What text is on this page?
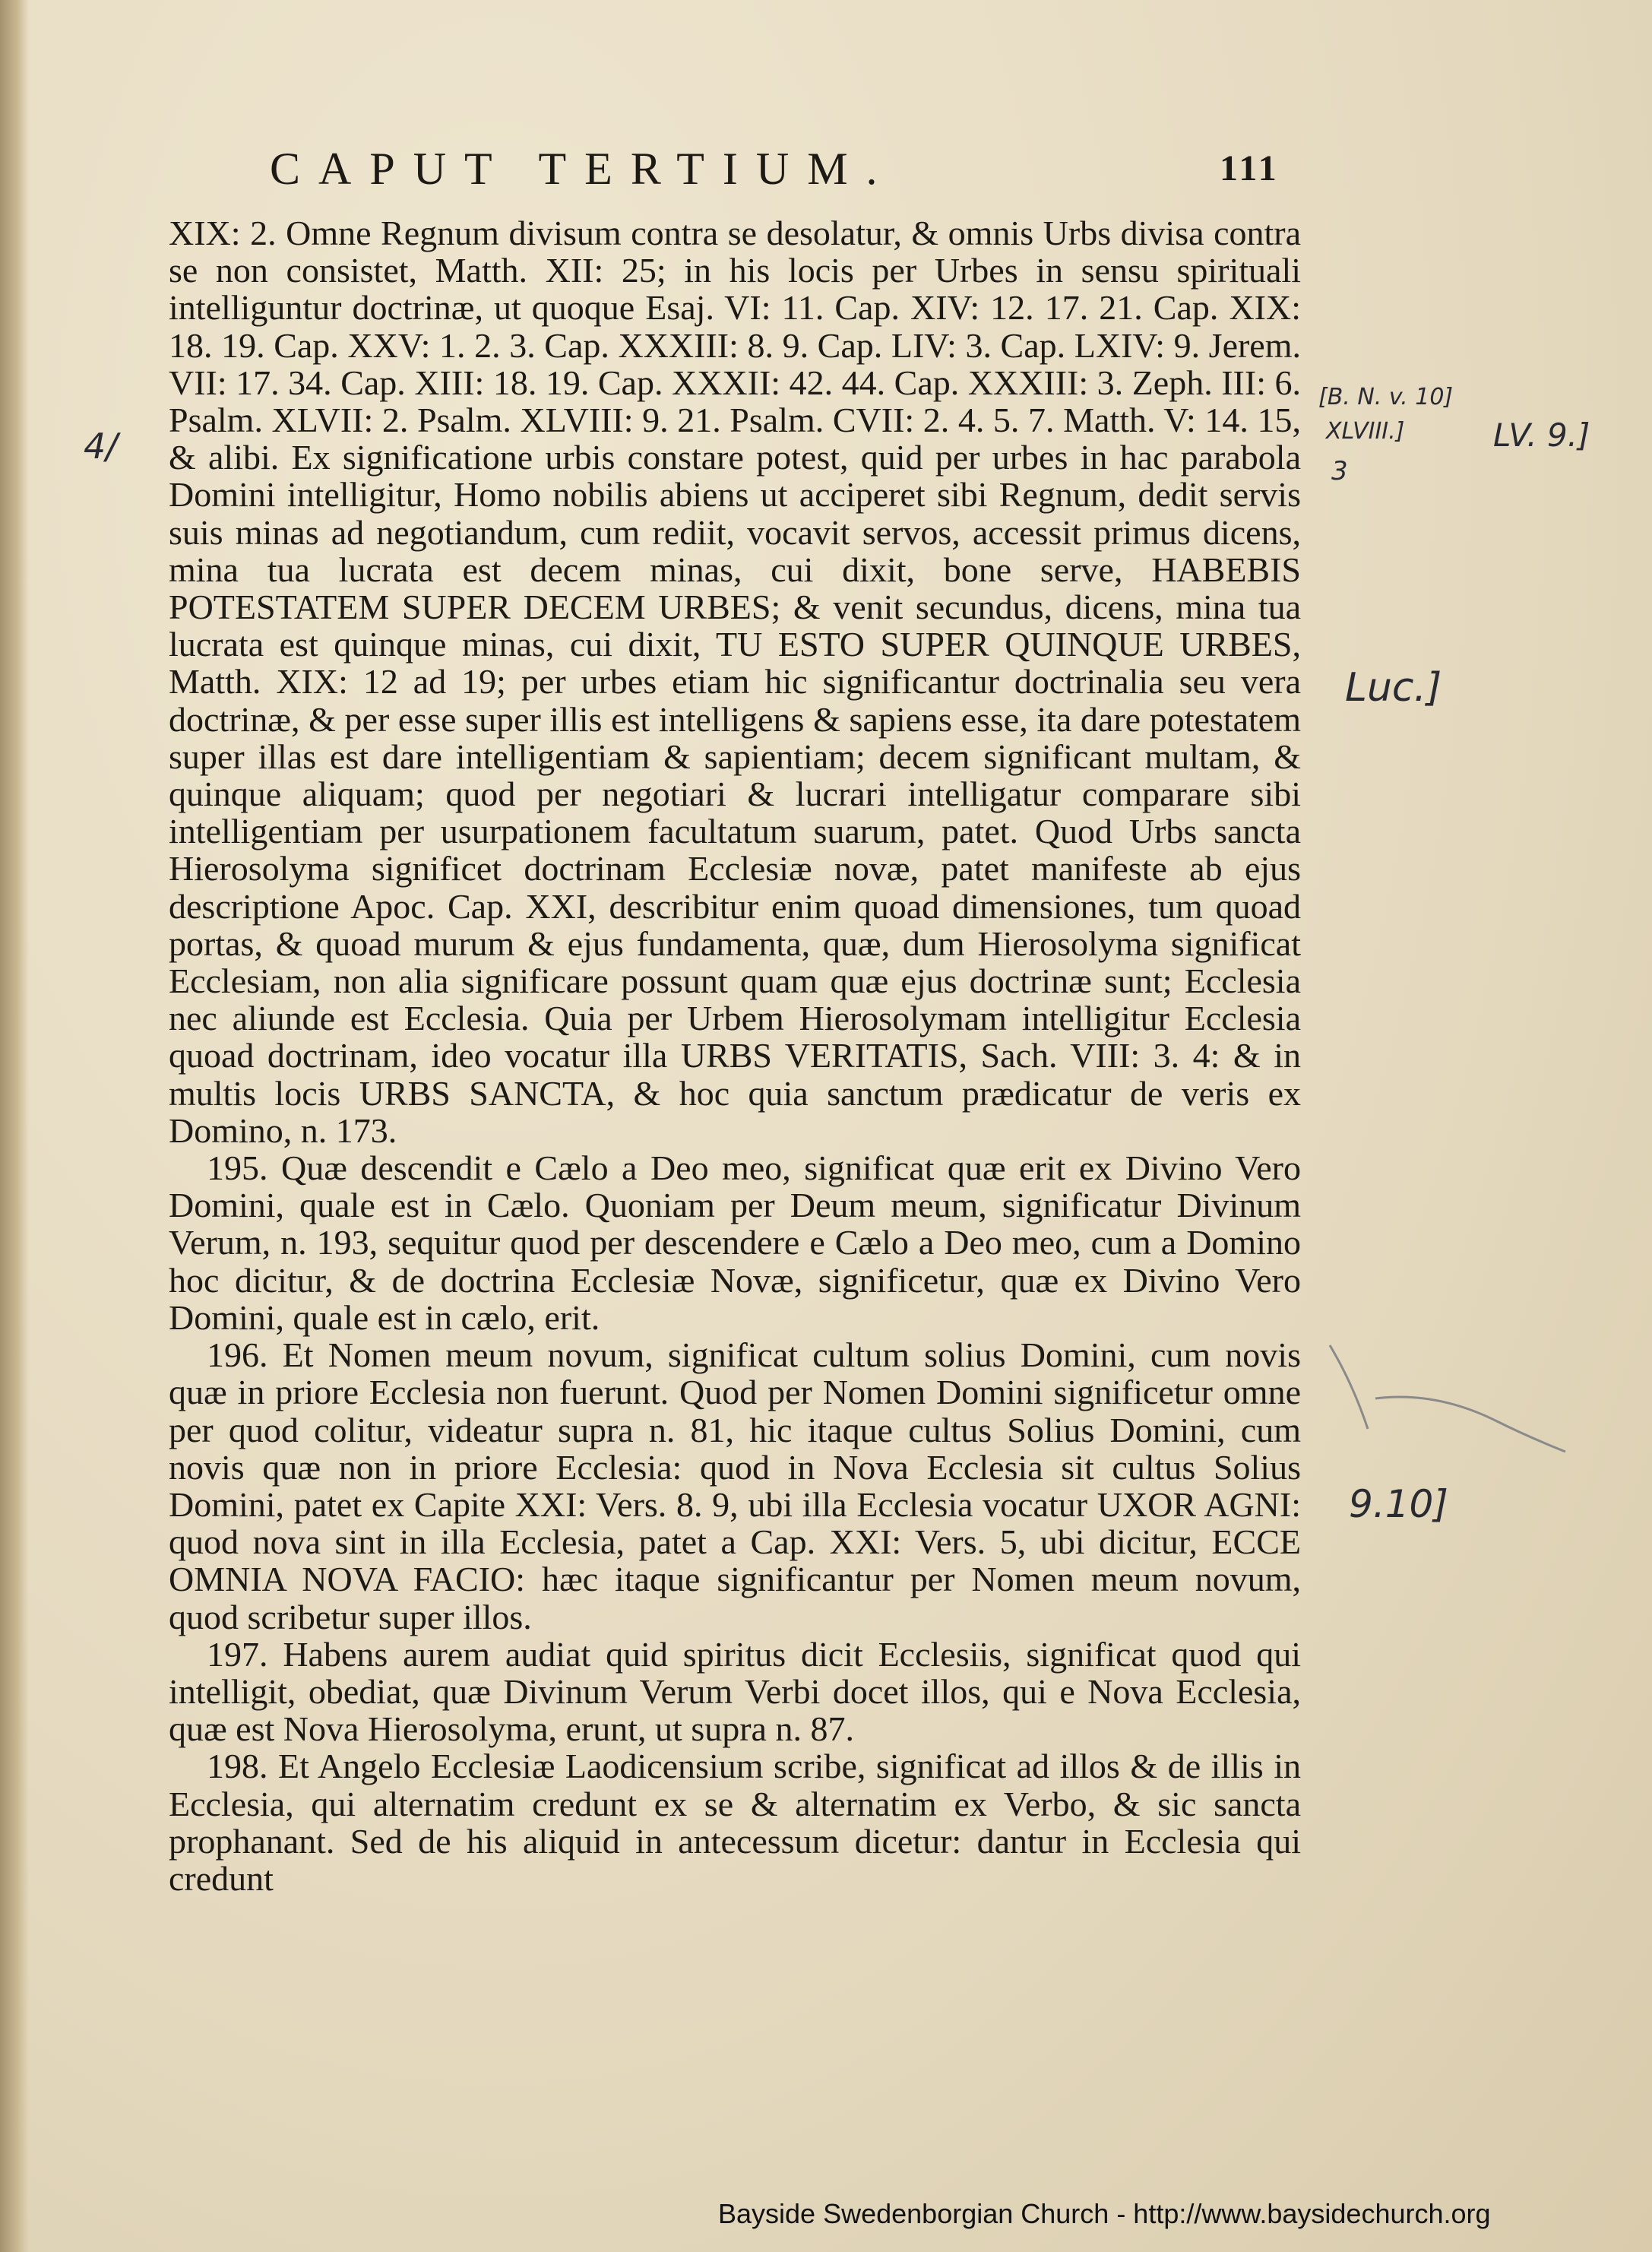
CAPUT TERTIUM.	111

XIX: 2. Omne Regnum divisum contra se desolatur, & omnis Urbs divisa contra se non consistet, Matth. XII: 25; in his locis per Urbes in sensu spirituali intelliguntur doctrinæ, ut quoque Esaj. VI: 11. Cap. XIV: 12. 17. 21. Cap. XIX: 18. 19. Cap. XXV: 1. 2. 3. Cap. XXXIII: 8. 9. Cap. LIV: 3. Cap. LXIV: 9. Jerem. VII: 17. 34. Cap. XIII: 18. 19. Cap. XXXII: 42. 44. Cap. XXXIII: 3. Zeph. III: 6. Psalm. XLVII: 2. Psalm. XLVIII: 9. 21. Psalm. CVII: 2. 4. 5. 7. Matth. V: 14. 15, & alibi. Ex significatione urbis constare potest, quid per urbes in hac parabola Domini intelligitur, Homo nobilis abiens ut acciperet sibi Regnum, dedit servis suis minas ad negotiandum, cum rediit, vocavit servos, accessit primus dicens, mina tua lucrata est decem minas, cui dixit, bone serve, HABEBIS POTESTATEM SUPER DECEM URBES; & venit secundus, dicens, mina tua lucrata est quinque minas, cui dixit, TU ESTO SUPER QUINQUE URBES, Matth. XIX: 12 ad 19; per urbes etiam hic significantur doctrinalia seu vera doctrinæ, & per esse super illis est intelligens & sapiens esse, ita dare potestatem super illas est dare intelligentiam & sapientiam; decem significant multam, & quinque aliquam; quod per negotiari & lucrari intelligatur comparare sibi intelligentiam per usurpationem facultatum suarum, patet. Quod Urbs sancta Hierosolyma significet doctrinam Ecclesiæ novæ, patet manifeste ab ejus descriptione Apoc. Cap. XXI, describitur enim quoad dimensiones, tum quoad portas, & quoad murum & ejus fundamenta, quæ, dum Hierosolyma significat Ecclesiam, non alia significare possunt quam quæ ejus doctrinæ sunt; Ecclesia nec aliunde est Ecclesia. Quia per Urbem Hierosolymam intelligitur Ecclesia quoad doctrinam, ideo vocatur illa URBS VERITATIS, Sach. VIII: 3. 4: & in multis locis URBS SANCTA, & hoc quia sanctum prædicatur de veris ex Domino, n. 173.

195. Quæ descendit e Cælo a Deo meo, significat quæ erit ex Divino Vero Domini, quale est in Cælo. Quoniam per Deum meum, significatur Divinum Verum, n. 193, sequitur quod per descendere e Cælo a Deo meo, cum a Domino hoc dicitur, & de doctrina Ecclesiæ Novæ, significetur, quæ ex Divino Vero Domini, quale est in cælo, erit.

196. Et Nomen meum novum, significat cultum solius Domini, cum novis quæ in priore Ecclesia non fuerunt. Quod per Nomen Domini significetur omne per quod colitur, videatur supra n. 81, hic itaque cultus Solius Domini, cum novis quæ non in priore Ecclesia: quod in Nova Ecclesia sit cultus Solius Domini, patet ex Capite XXI: Vers. 8. 9, ubi illa Ecclesia vocatur UXOR AGNI: quod nova sint in illa Ecclesia, patet a Cap. XXI: Vers. 5, ubi dicitur, ECCE OMNIA NOVA FACIO: hæc itaque significantur per Nomen meum novum, quod scribetur super illos.

197. Habens aurem audiat quid spiritus dicit Ecclesiis, significat quod qui intelligit, obediat, quæ Divinum Verum Verbi docet illos, qui e Nova Ecclesia, quæ est Nova Hierosolyma, erunt, ut supra n. 87.

198. Et Angelo Ecclesiæ Laodicensium scribe, significat ad illos & de illis in Ecclesia, qui alternatim credunt ex se & alternatim ex Verbo, & sic sancta prophanant. Sed de his aliquid in antecessum dicetur: dantur in Ecclesia qui credunt

[B. N. v. 10]
XLVIII.]	LV. 9.]
4/
3
Luc.]
9.10]
Bayside Swedenborgian Church - http://www.baysidechurch.org
